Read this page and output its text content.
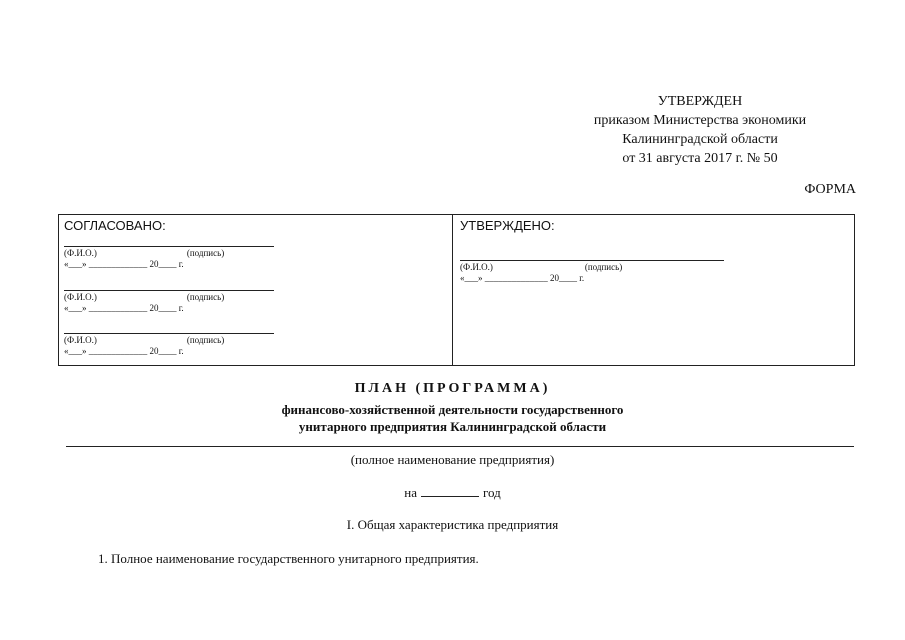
УТВЕРЖДЕН
приказом Министерства экономики
Калининградской области
от 31 августа 2017 г. № 50
ФОРМА
СОГЛАСОВАНО:
(Ф.И.О.)	(подпись)
«___» _____________ 20____ г.
(Ф.И.О.)	(подпись)
«___» _____________ 20____ г.
(Ф.И.О.)	(подпись)
«___» _____________ 20____ г.
УТВЕРЖДЕНО:
(Ф.И.О.)	(подпись)
«___» ______________ 20____ г.
ПЛАН (ПРОГРАММА)
финансово-хозяйственной деятельности государственного
унитарного предприятия Калининградской области
(полное наименование предприятия)
на	год
I. Общая характеристика предприятия
1. Полное наименование государственного унитарного предприятия.
